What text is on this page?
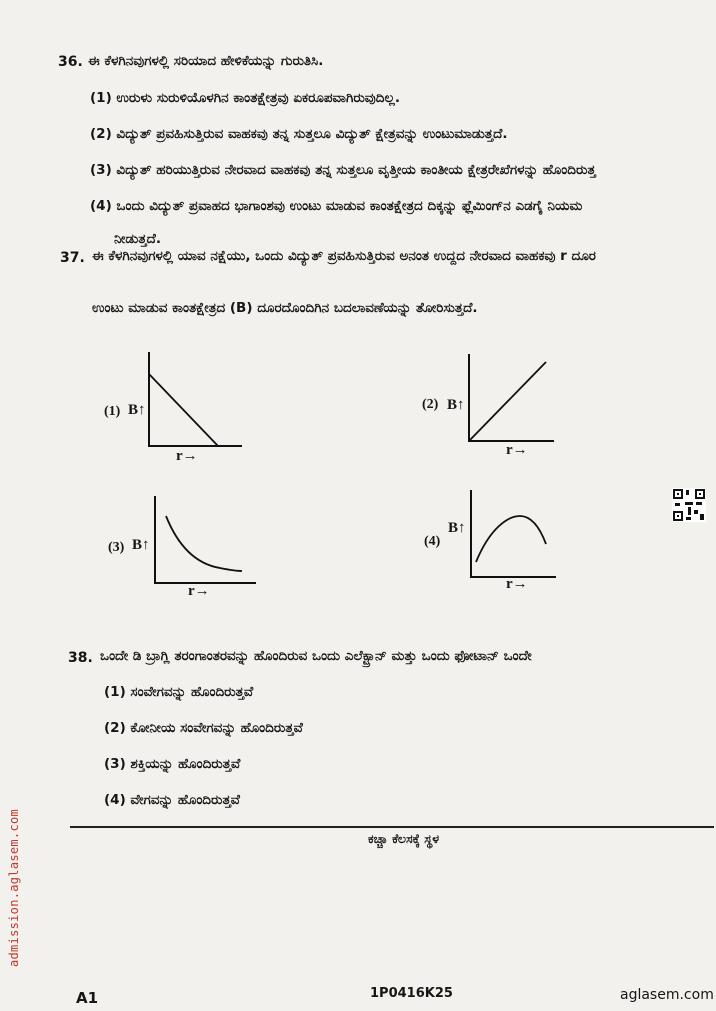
admission.aglasem.com
36. ಈ ಕೆಳಗಿನವುಗಳಲ್ಲಿ ಸರಿಯಾದ ಹೇಳಿಕೆಯನ್ನು ಗುರುತಿಸಿ.
(1) ಉರುಳು ಸುರುಳಿಯೊಳಗಿನ ಕಾಂತಕ್ಷೇತ್ರವು ಏಕರೂಪವಾಗಿರುವುದಿಲ್ಲ.
(2) ವಿದ್ಯುತ್ ಪ್ರವಹಿಸುತ್ತಿರುವ ವಾಹಕವು ತನ್ನ ಸುತ್ತಲೂ ವಿದ್ಯುತ್ ಕ್ಷೇತ್ರವನ್ನು ಉಂಟುಮಾಡುತ್ತದೆ.
(3) ವಿದ್ಯುತ್ ಹರಿಯುತ್ತಿರುವ ನೇರವಾದ ವಾಹಕವು ತನ್ನ ಸುತ್ತಲೂ ವೃತ್ತೀಯ ಕಾಂತೀಯ ಕ್ಷೇತ್ರರೇಖೆಗಳನ್ನು ಹೊಂದಿರುತ್ತ
(4) ಒಂದು ವಿದ್ಯುತ್ ಪ್ರವಾಹದ ಭಾಗಾಂಶವು ಉಂಟು ಮಾಡುವ ಕಾಂತಕ್ಷೇತ್ರದ ದಿಕ್ಕನ್ನು ಫ್ಲೆಮಿಂಗ್‌ನ ಎಡಗೈ ನಿಯಮ
ನೀಡುತ್ತದೆ.
37. ಈ ಕೆಳಗಿನವುಗಳಲ್ಲಿ ಯಾವ ನಕ್ಷೆಯು, ಒಂದು ವಿದ್ಯುತ್ ಪ್ರವಹಿಸುತ್ತಿರುವ ಅನಂತ ಉದ್ದದ ನೇರವಾದ ವಾಹಕವು r ದೂರ
ಉಂಟು ಮಾಡುವ ಕಾಂತಕ್ಷೇತ್ರದ (B) ದೂರದೊಂದಿಗಿನ ಬದಲಾವಣೆಯನ್ನು ತೋರಿಸುತ್ತದೆ.
(1) B↑
r→
(2) B↑
r→
(3) B↑
r→
(4)
B↑
r→
38. ಒಂದೇ ಡಿ ಬ್ರಾಗ್ಲಿ ತರಂಗಾಂತರವನ್ನು ಹೊಂದಿರುವ ಒಂದು ಎಲೆಕ್ಟ್ರಾನ್ ಮತ್ತು ಒಂದು ಫೋಟಾನ್ ಒಂದೇ
(1) ಸಂವೇಗವನ್ನು ಹೊಂದಿರುತ್ತವೆ
(2) ಕೋನೀಯ ಸಂವೇಗವನ್ನು ಹೊಂದಿರುತ್ತವೆ
(3) ಶಕ್ತಿಯನ್ನು ಹೊಂದಿರುತ್ತವೆ
(4) ವೇಗವನ್ನು ಹೊಂದಿರುತ್ತವೆ
ಕಚ್ಚಾ ಕೆಲಸಕ್ಕೆ ಸ್ಥಳ
A1	1P0416K25	aglasem.com
